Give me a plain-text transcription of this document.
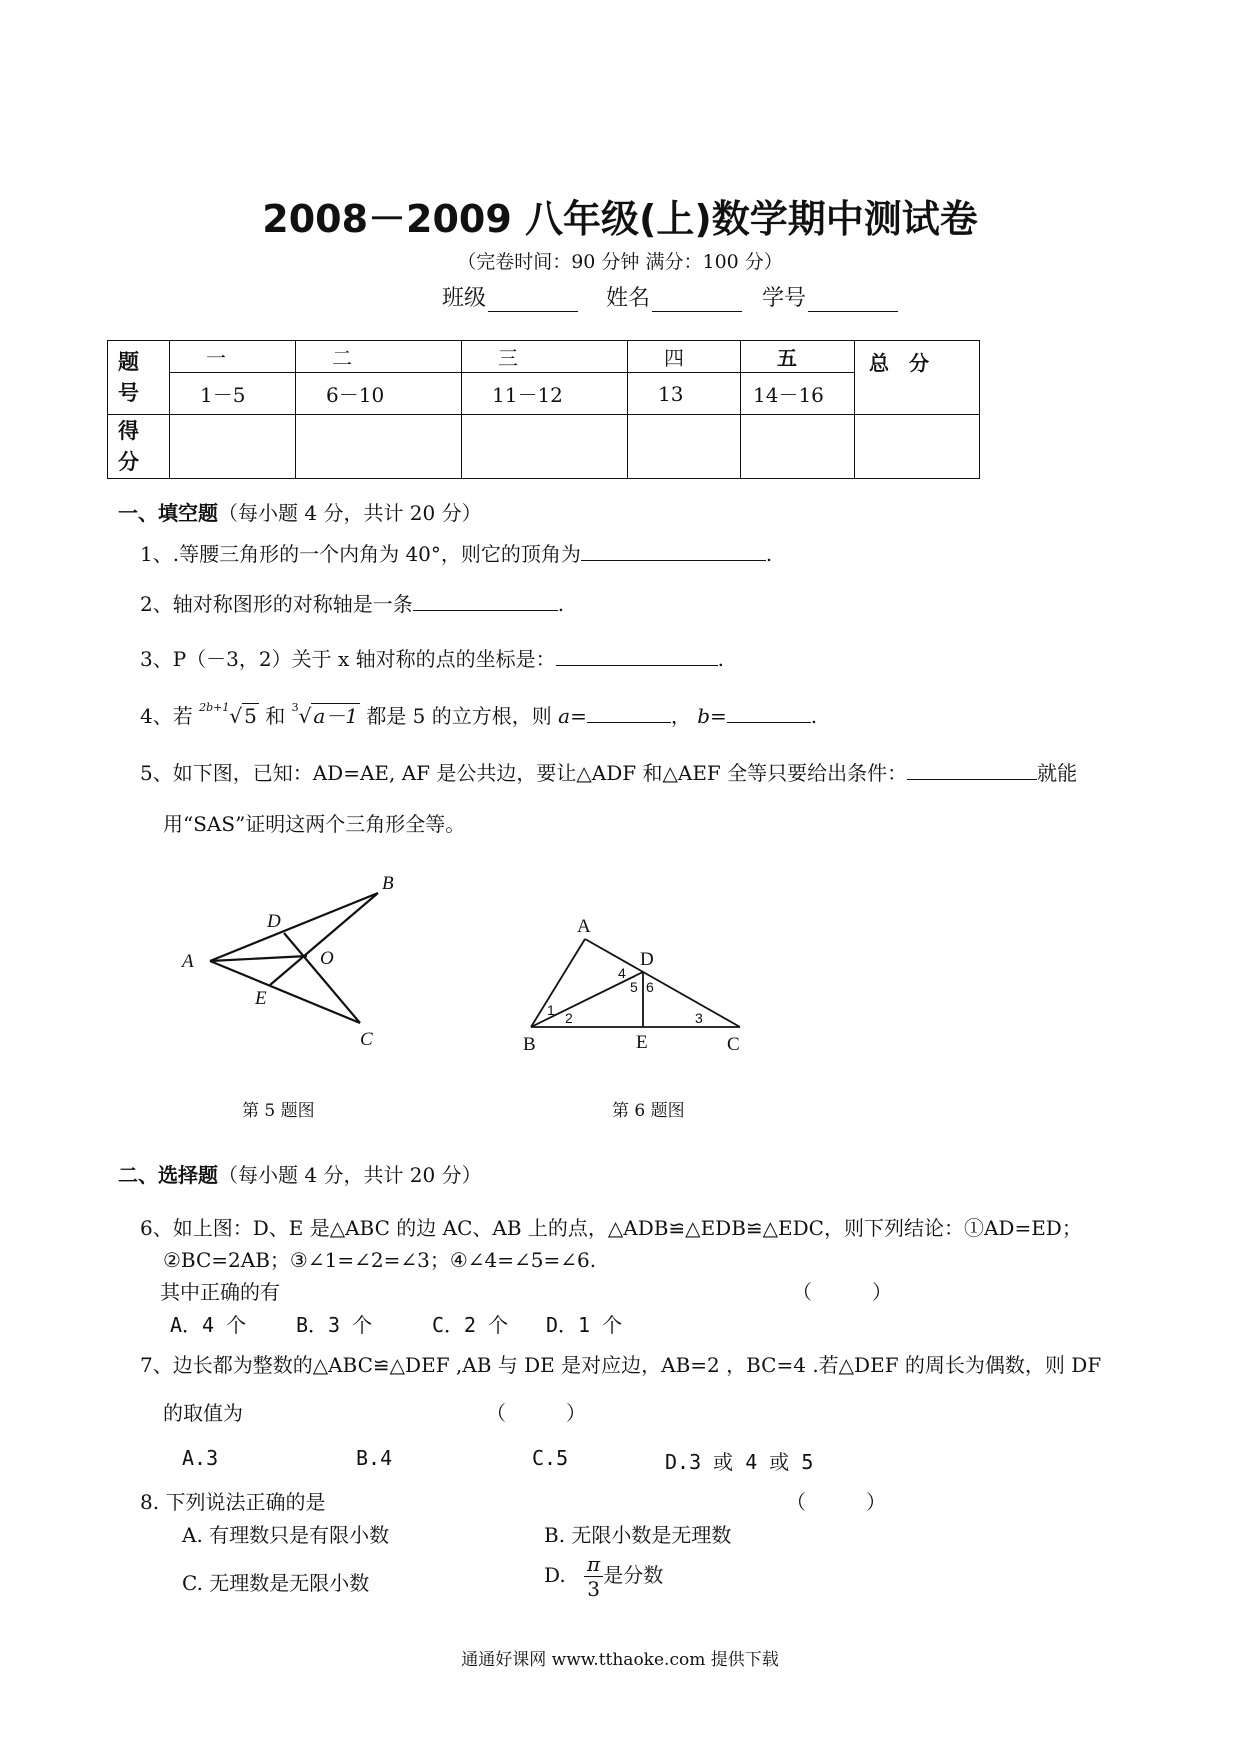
2008－2009 八年级(上)数学期中测试卷
（完卷时间：90 分钟 满分：100 分）
班级	姓名	学号
题号	一	二	三	四	五	总　分
	1－5	6－10	11－12	13	14－16	
得分						
一、填空题（每小题 4 分，共计 20 分）
1、.等腰三角形的一个内角为 40°，则它的顶角为	.
2、轴对称图形的对称轴是一条	.
3、P（－3，2）关于 x 轴对称的点的坐标是：	.
4、若 $^{2b+1}$√ 5 和 $^3$√ a－1 都是 5 的立方根，则 a=	， b=	.
5、如下图，已知：AD=AE, AF 是公共边，要让△ADF 和△AEF 全等只要给出条件：	就能
用“SAS”证明这两个三角形全等。
A
B
C
D
E
O
第 5 题图
A
B	C
D
E
1 2	3
4
5 6
第 6 题图
二、选择题（每小题 4 分，共计 20 分）
6、如上图：D、E 是△ABC 的边 AC、AB 上的点，△ADB≌△EDB≌△EDC，则下列结论：①AD=ED；
②BC=2AB；③∠1=∠2=∠3；④∠4=∠5=∠6.
其中正确的有	（　　　）
A．4 个 B．3 个	C．2 个 D．1 个
7、边长都为整数的△ABC≌△DEF ,AB 与 DE 是对应边，AB=2 ，BC=4 .若△DEF 的周长为偶数，则 DF
的取值为	（　　　）
A.3	B.4	C.5	D.3 或 4 或 5
8. 下列说法正确的是	（　　　）
A. 有理数只是有限小数	B. 无限小数是无理数
C. 无理数是无限小数	D. $\frac{\pi}{3}$是分数
通通好课网 www.tthaoke.com 提供下载
